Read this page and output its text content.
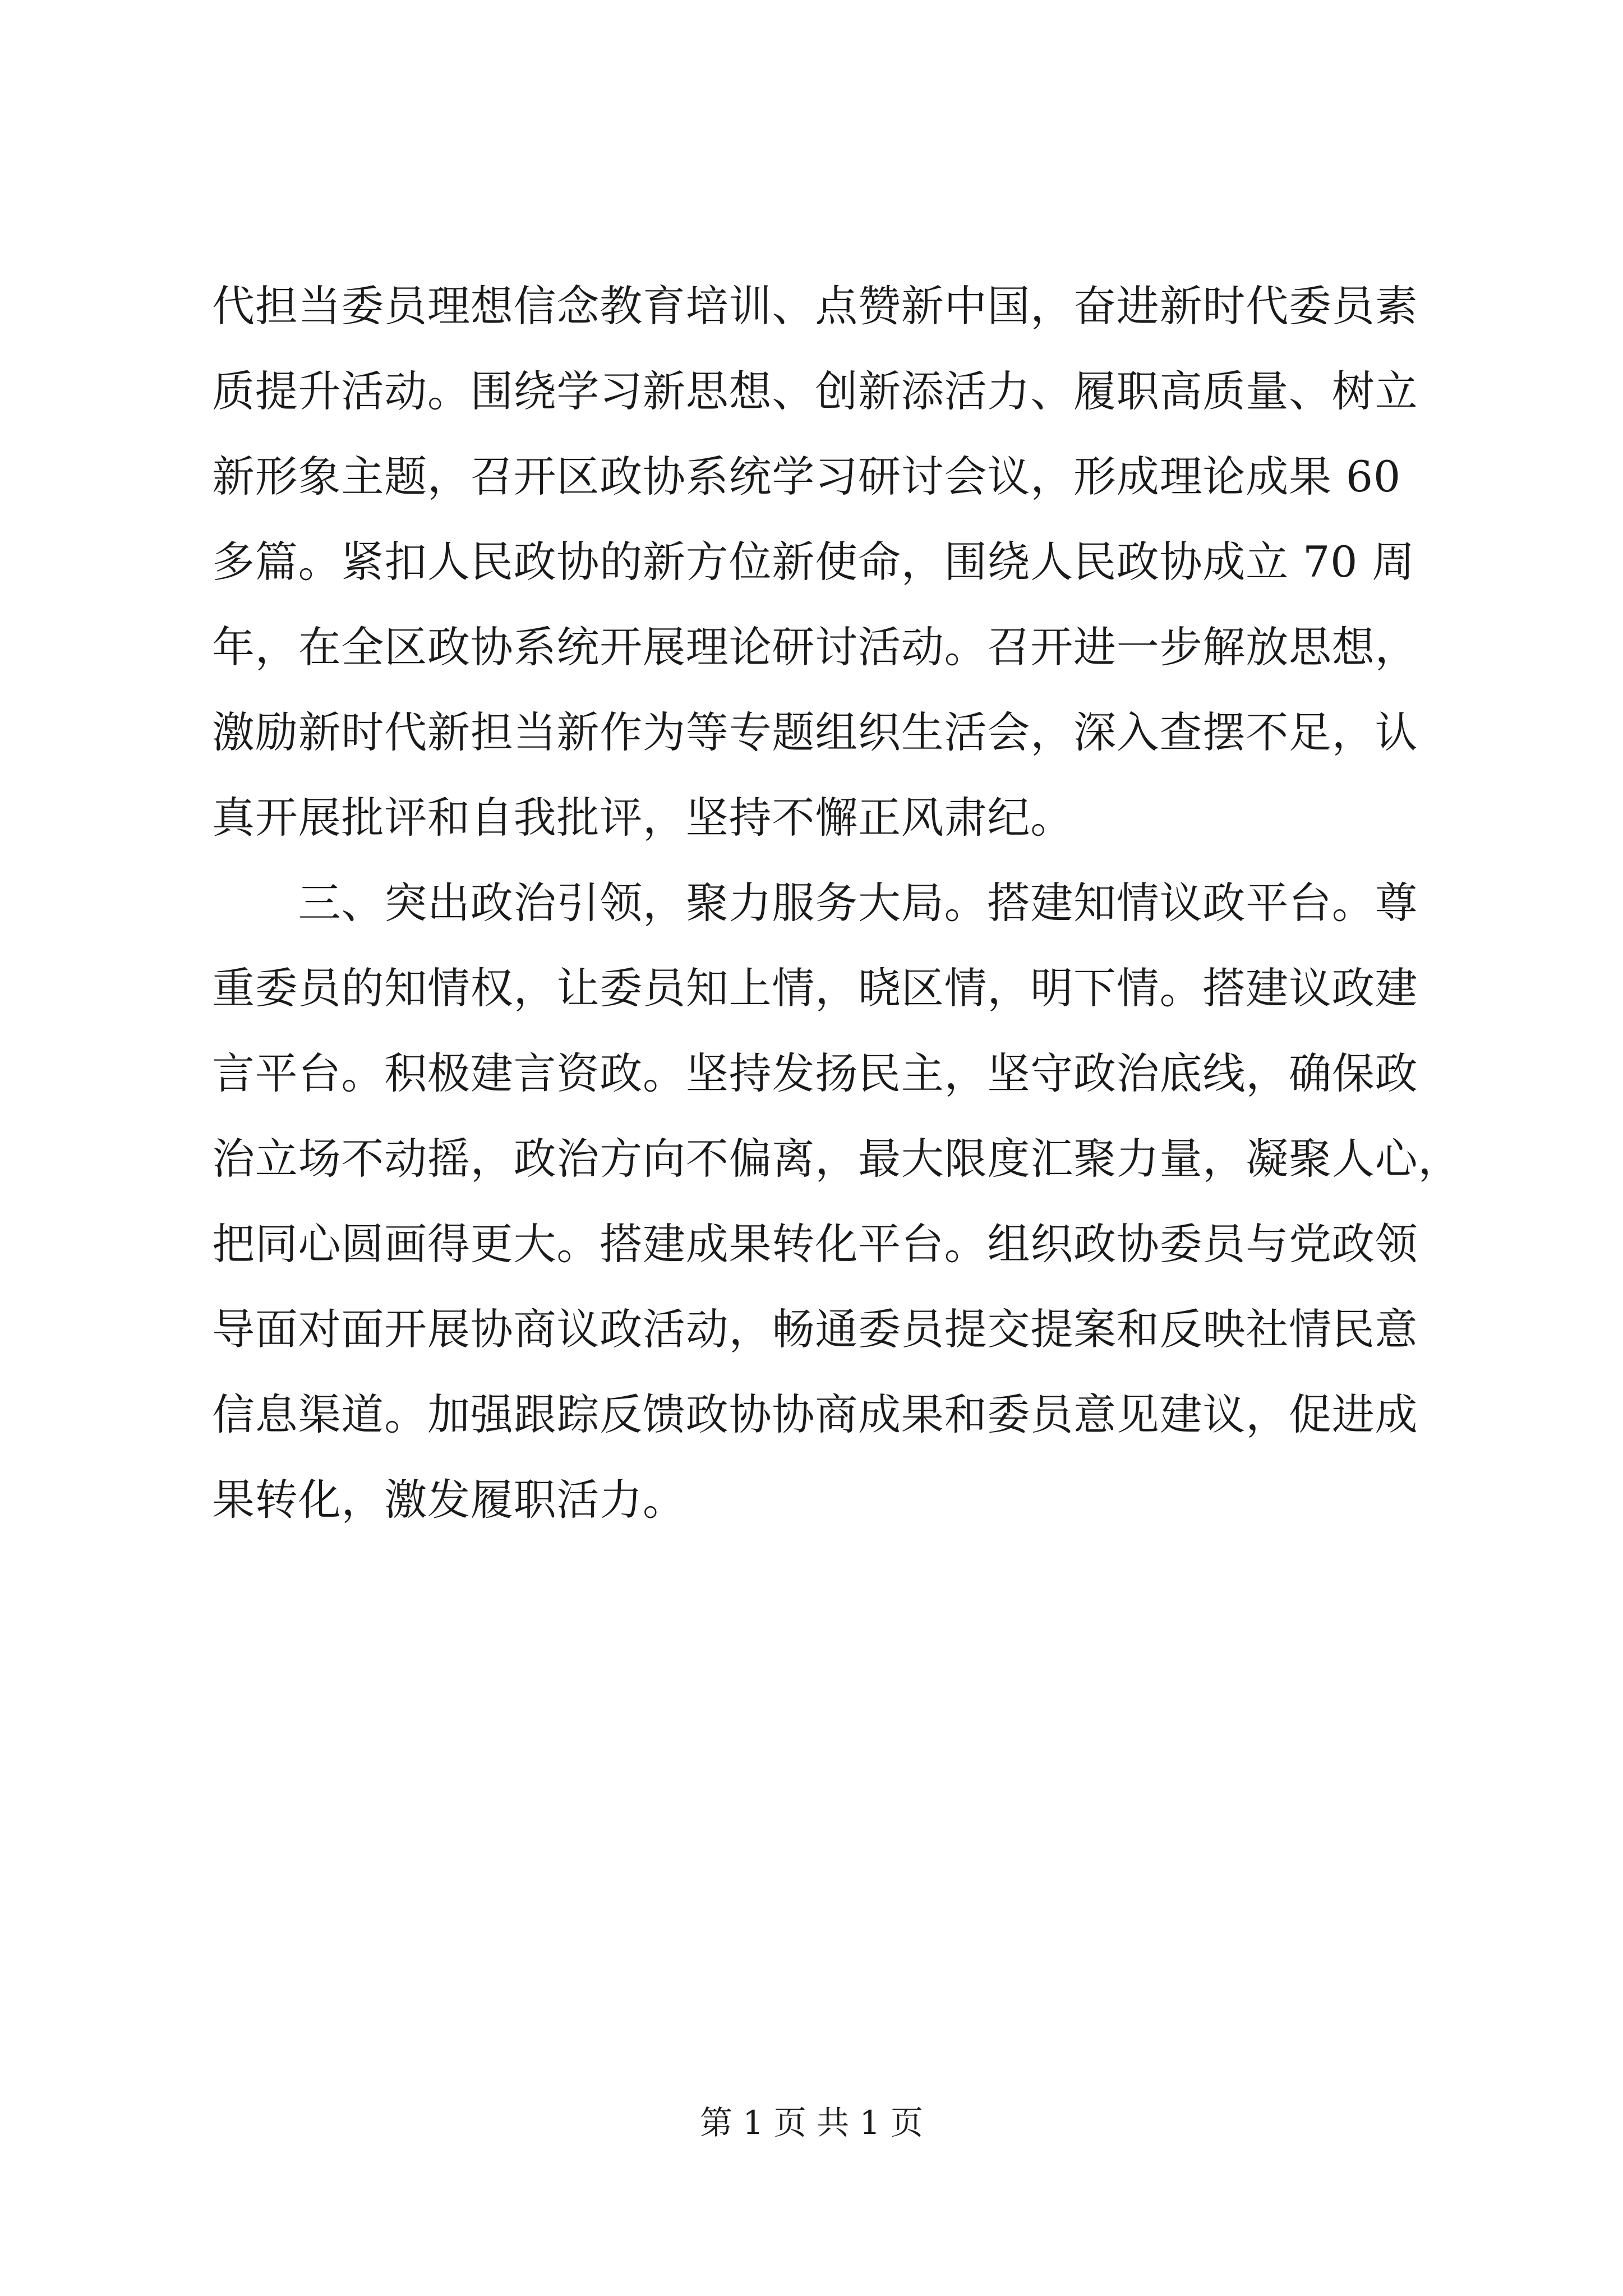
代担当委员理想信念教育培训、点赞新中国，奋进新时代委员素
质提升活动。围绕学习新思想、创新添活力、履职高质量、树立
新形象主题，召开区政协系统学习研讨会议，形成理论成果 60
多篇。紧扣人民政协的新方位新使命，围绕人民政协成立 70 周
年，在全区政协系统开展理论研讨活动。召开进一步解放思想，
激励新时代新担当新作为等专题组织生活会，深入查摆不足，认
真开展批评和自我批评，坚持不懈正风肃纪。
　　三、突出政治引领，聚力服务大局。搭建知情议政平台。尊
重委员的知情权，让委员知上情，晓区情，明下情。搭建议政建
言平台。积极建言资政。坚持发扬民主，坚守政治底线，确保政
治立场不动摇，政治方向不偏离，最大限度汇聚力量，凝聚人心，
把同心圆画得更大。搭建成果转化平台。组织政协委员与党政领
导面对面开展协商议政活动，畅通委员提交提案和反映社情民意
信息渠道。加强跟踪反馈政协协商成果和委员意见建议，促进成
果转化，激发履职活力。
第 1 页 共 1 页
